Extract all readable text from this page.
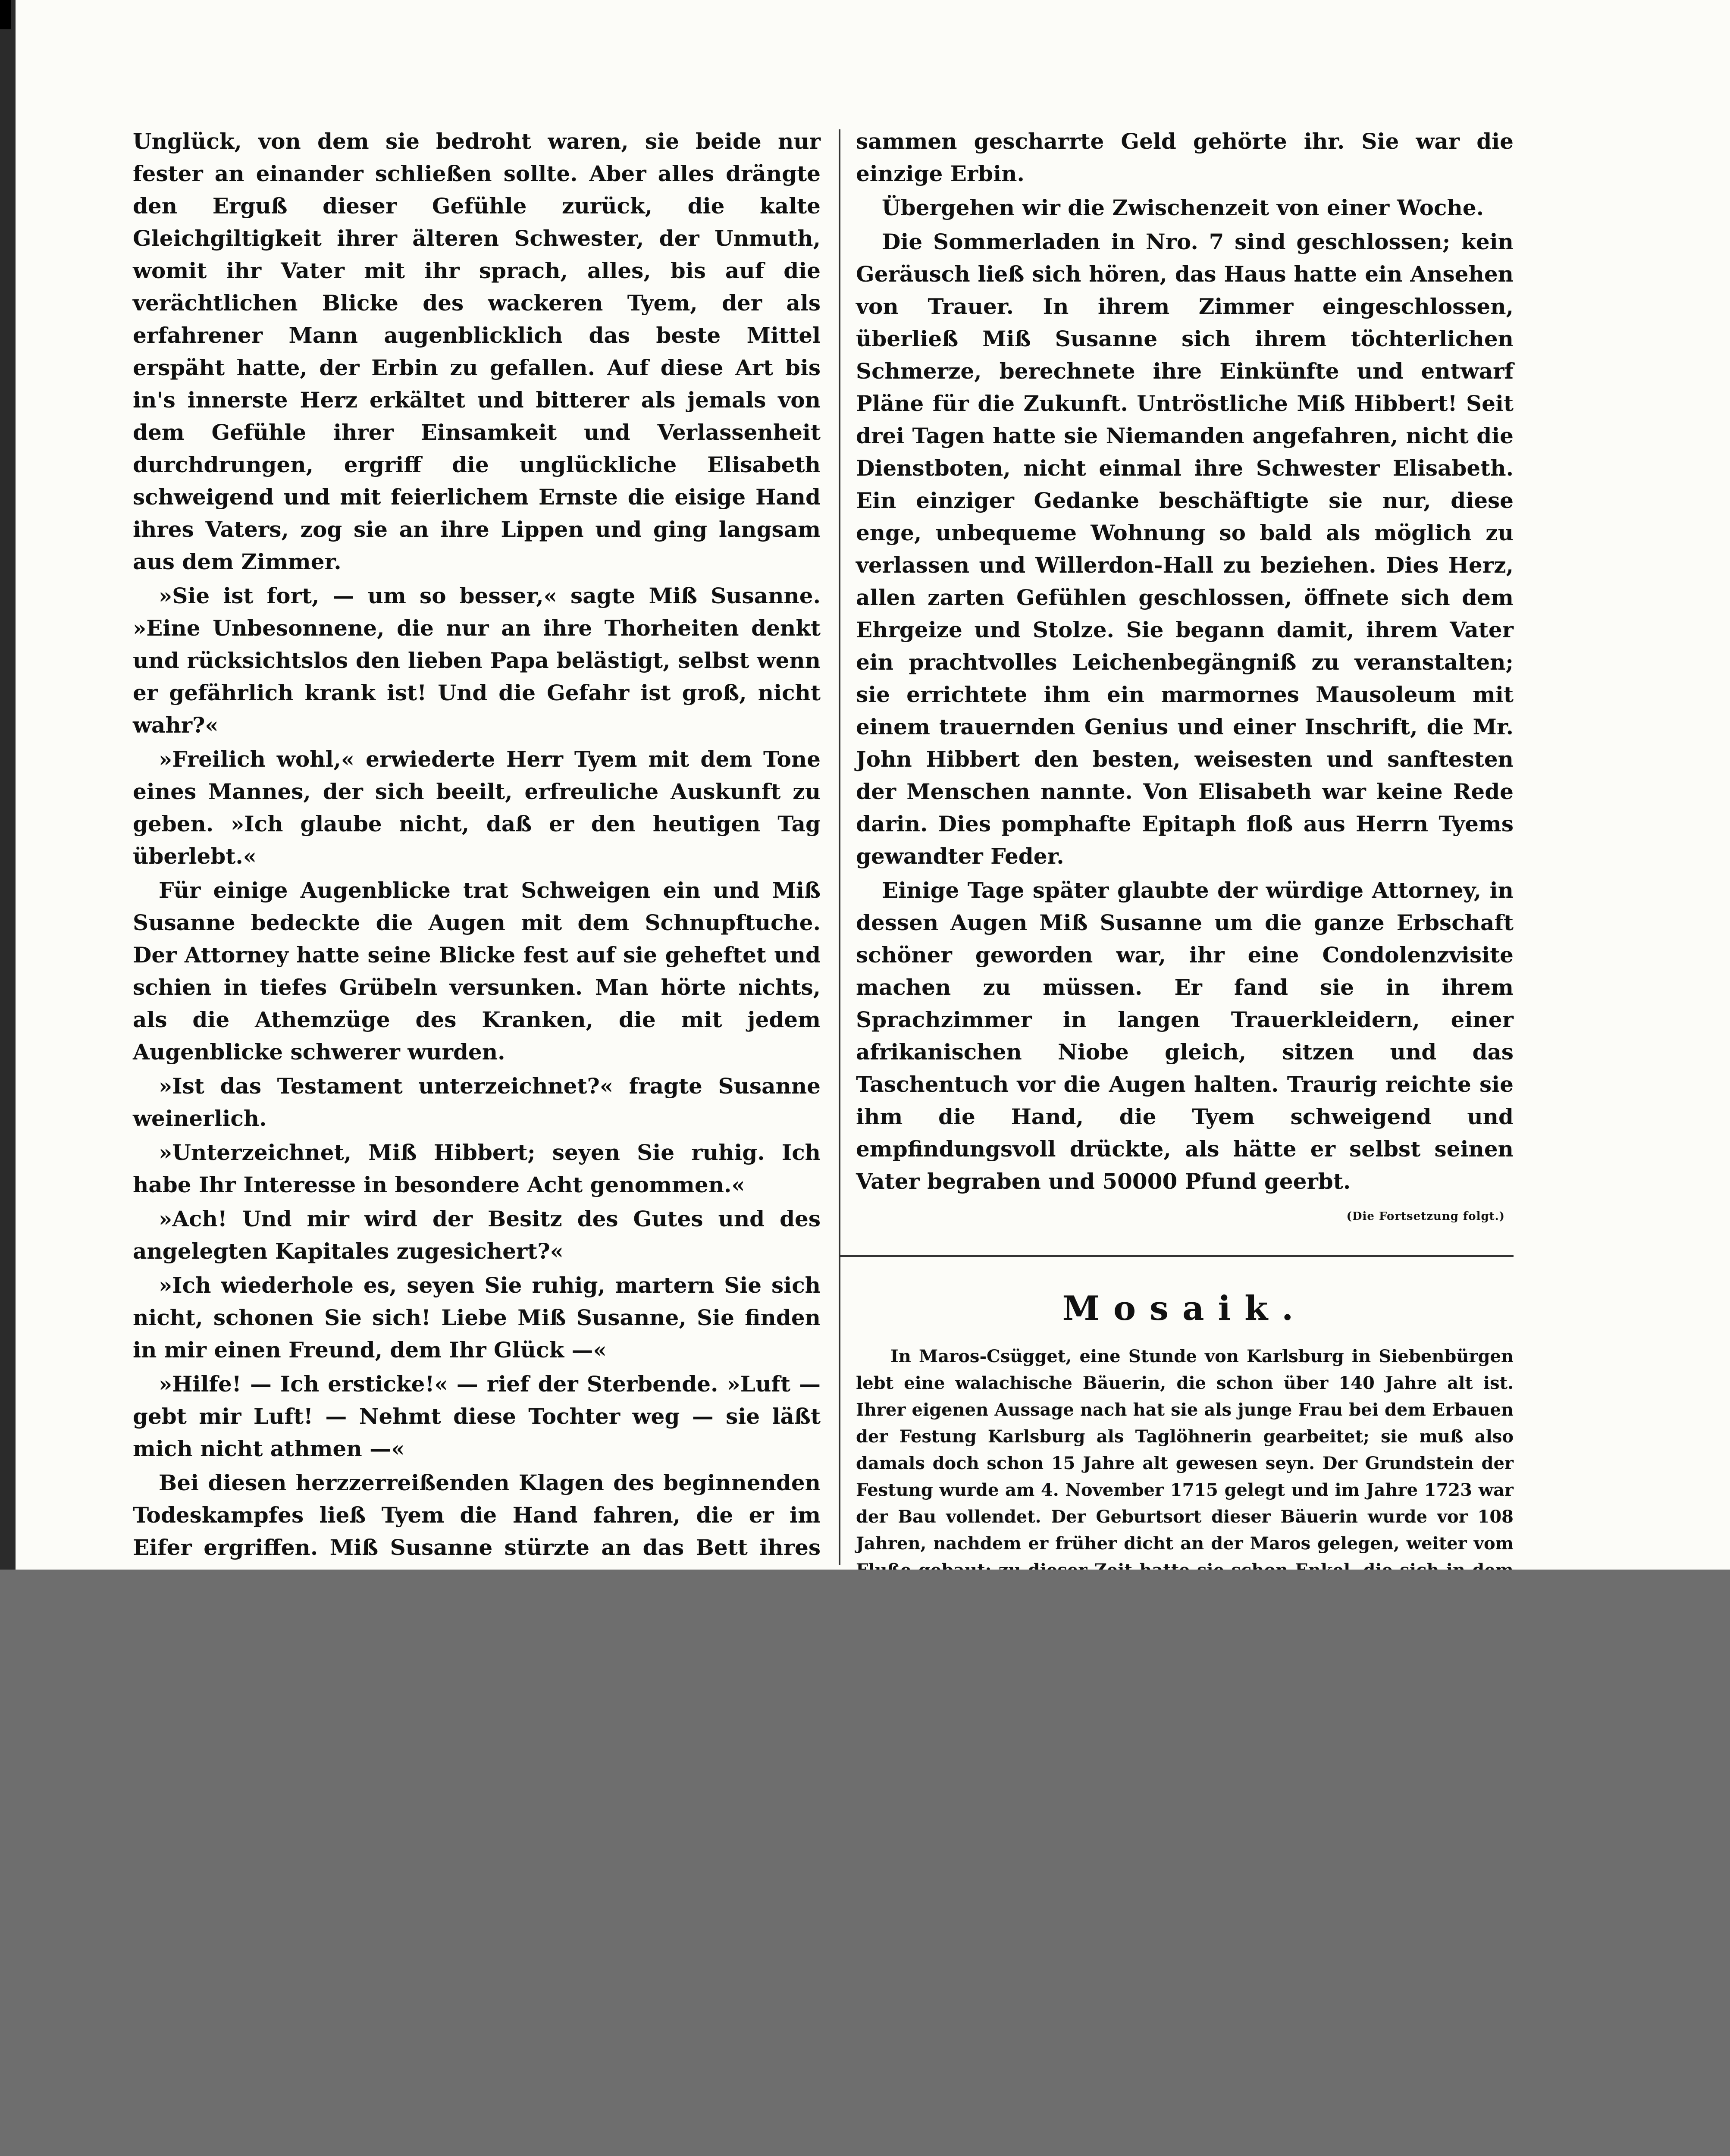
Unglück, von dem sie bedroht waren, sie beide nur fester an einander schließen sollte. Aber alles drängte den Erguß dieser Gefühle zurück, die kalte Gleichgiltigkeit ihrer älteren Schwester, der Unmuth, womit ihr Vater mit ihr sprach, alles, bis auf die verächtlichen Blicke des wackeren Tyem, der als erfahrener Mann augenblicklich das beste Mittel erspäht hatte, der Erbin zu gefallen. Auf diese Art bis in's innerste Herz erkältet und bitterer als jemals von dem Gefühle ihrer Einsamkeit und Verlassenheit durchdrungen, ergriff die unglückliche Elisabeth schweigend und mit feierlichem Ernste die eisige Hand ihres Vaters, zog sie an ihre Lippen und ging langsam aus dem Zimmer.

»Sie ist fort, — um so besser,« sagte Miß Susanne. »Eine Unbesonnene, die nur an ihre Thorheiten denkt und rücksichtslos den lieben Papa belästigt, selbst wenn er gefährlich krank ist! Und die Gefahr ist groß, nicht wahr?«

»Freilich wohl,« erwiederte Herr Tyem mit dem Tone eines Mannes, der sich beeilt, erfreuliche Auskunft zu geben. »Ich glaube nicht, daß er den heutigen Tag überlebt.«

Für einige Augenblicke trat Schweigen ein und Miß Susanne bedeckte die Augen mit dem Schnupftuche. Der Attorney hatte seine Blicke fest auf sie geheftet und schien in tiefes Grübeln versunken. Man hörte nichts, als die Athemzüge des Kranken, die mit jedem Augenblicke schwerer wurden.

»Ist das Testament unterzeichnet?« fragte Susanne weinerlich.

»Unterzeichnet, Miß Hibbert; seyen Sie ruhig. Ich habe Ihr Interesse in besondere Acht genommen.«

»Ach! Und mir wird der Besitz des Gutes und des angelegten Kapitales zugesichert?«

»Ich wiederhole es, seyen Sie ruhig, martern Sie sich nicht, schonen Sie sich! Liebe Miß Susanne, Sie finden in mir einen Freund, dem Ihr Glück —«

»Hilfe! — Ich ersticke!« — rief der Sterbende. »Luft — gebt mir Luft! — Nehmt diese Tochter weg — sie läßt mich nicht athmen —«

Bei diesen herzzerreißenden Klagen des beginnenden Todeskampfes ließ Tyem die Hand fahren, die er im Eifer ergriffen. Miß Susanne stürzte an das Bett ihres

sammen gescharrte Geld gehörte ihr. Sie war die einzige Erbin.

Übergehen wir die Zwischenzeit von einer Woche.

Die Sommerladen in Nro. 7 sind geschlossen; kein Geräusch ließ sich hören, das Haus hatte ein Ansehen von Trauer. In ihrem Zimmer eingeschlossen, überließ Miß Susanne sich ihrem töchterlichen Schmerze, berechnete ihre Einkünfte und entwarf Pläne für die Zukunft. Untröstliche Miß Hibbert! Seit drei Tagen hatte sie Niemanden angefahren, nicht die Dienstboten, nicht einmal ihre Schwester Elisabeth. Ein einziger Gedanke beschäftigte sie nur, diese enge, unbequeme Wohnung so bald als möglich zu verlassen und Willerdon-Hall zu beziehen. Dies Herz, allen zarten Gefühlen geschlossen, öffnete sich dem Ehrgeize und Stolze. Sie begann damit, ihrem Vater ein prachtvolles Leichenbegängniß zu veranstalten; sie errichtete ihm ein marmornes Mausoleum mit einem trauernden Genius und einer Inschrift, die Mr. John Hibbert den besten, weisesten und sanftesten der Menschen nannte. Von Elisabeth war keine Rede darin. Dies pomphafte Epitaph floß aus Herrn Tyems gewandter Feder.

Einige Tage später glaubte der würdige Attorney, in dessen Augen Miß Susanne um die ganze Erbschaft schöner geworden war, ihr eine Condolenzvisite machen zu müssen. Er fand sie in ihrem Sprachzimmer in langen Trauerkleidern, einer afrikanischen Niobe gleich, sitzen und das Taschentuch vor die Augen halten. Traurig reichte sie ihm die Hand, die Tyem schweigend und empfindungsvoll drückte, als hätte er selbst seinen Vater begraben und 50000 Pfund geerbt.

(Die Fortsetzung folgt.)
Mosaik.

In Maros-Csügget, eine Stunde von Karlsburg in Siebenbürgen lebt eine walachische Bäuerin, die schon über 140 Jahre alt ist. Ihrer eigenen Aussage nach hat sie als junge Frau bei dem Erbauen der Festung Karlsburg als Taglöhnerin gearbeitet; sie muß also damals doch schon 15 Jahre alt gewesen seyn. Der Grundstein der Festung wurde am 4. November 1715 gelegt und im Jahre 1723 war der Bau vollendet. Der Geburtsort dieser Bäuerin wurde vor 108 Jahren, nachdem er früher dicht an der Maros gelegen, weiter vom
